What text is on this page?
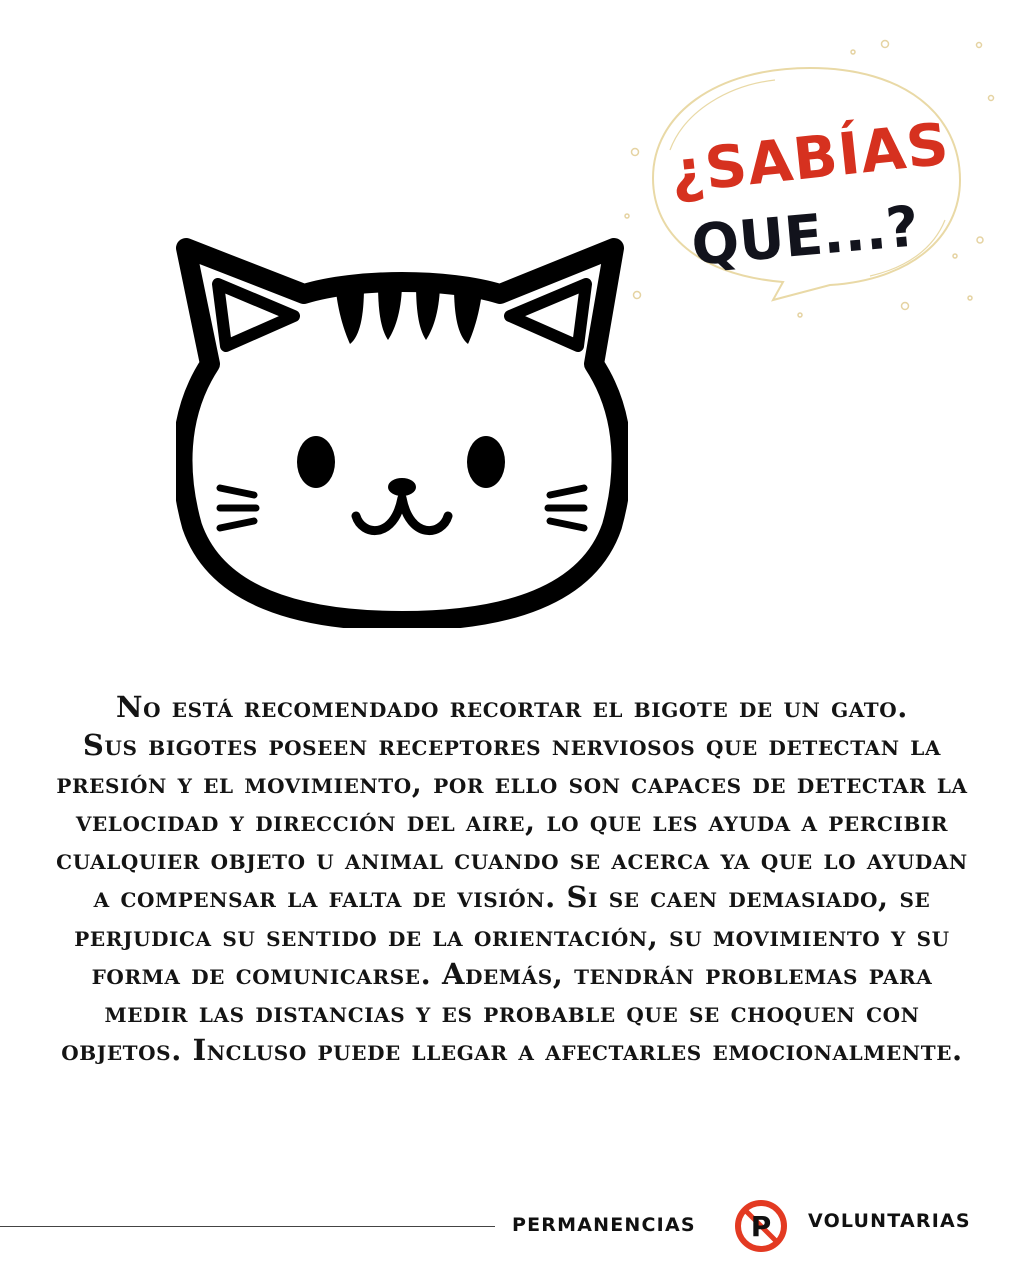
¿SABÍAS
QUE...?

No está recomendado recortar el bigote de un gato.

Sus bigotes poseen receptores nerviosos que detectan la presión y el movimiento, por ello son capaces de detectar la velocidad y dirección del aire, lo que les ayuda a percibir cualquier objeto u animal cuando se acerca ya que lo ayudan a compensar la falta de visión. Si se caen demasiado, se perjudica su sentido de la orientación, su movimiento y su forma de comunicarse. Además, tendrán problemas para medir las distancias y es probable que se choquen con objetos. Incluso puede llegar a afectarles emocionalmente.

PERMANENCIAS P VOLUNTARIAS
